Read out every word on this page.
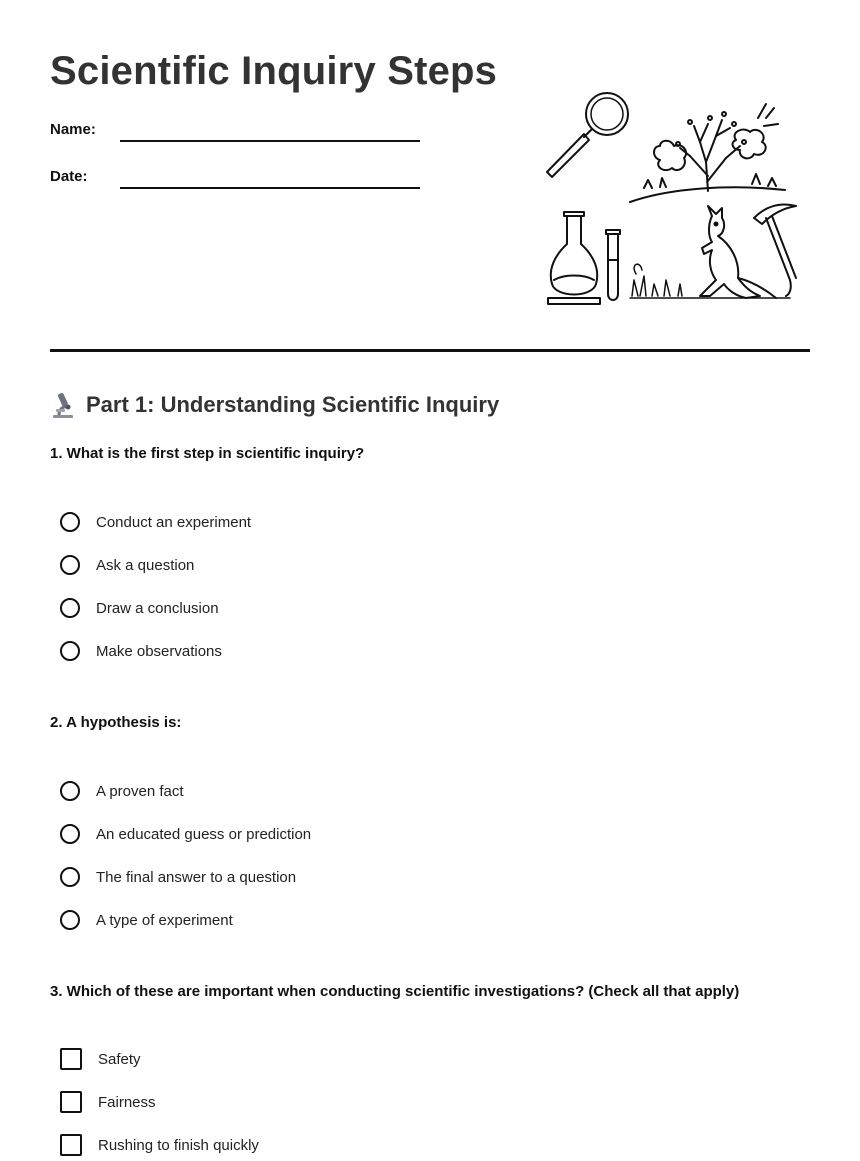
Scientific Inquiry Steps
Name:
Date:
Part 1: Understanding Scientific Inquiry

1. What is the first step in scientific inquiry?

Conduct an experiment
Ask a question
Draw a conclusion
Make observations

2. A hypothesis is:

A proven fact
An educated guess or prediction
The final answer to a question
A type of experiment

3. Which of these are important when conducting scientific investigations? (Check all that apply)

Safety
Fairness
Rushing to finish quickly
